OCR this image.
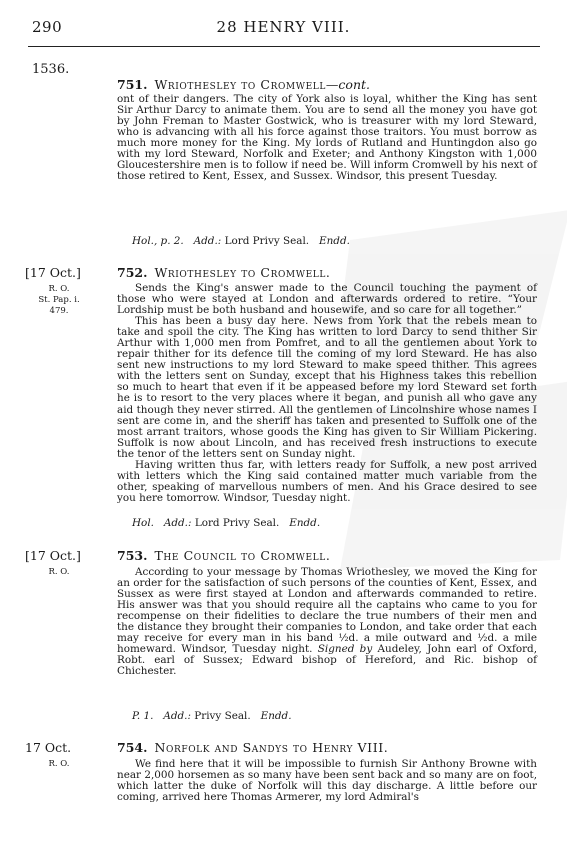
290	28 HENRY VIII.
1536.
751. Wriothesley to Cromwell—cont.

ont of their dangers. The city of York also is loyal, whither the King has sent Sir Arthur Darcy to animate them. You are to send all the money you have got by John Freman to Master Gostwick, who is treasurer with my lord Steward, who is advancing with all his force against those traitors. You must borrow as much more money for the King. My lords of Rutland and Huntingdon also go with my lord Steward, Norfolk and Exeter; and Anthony Kingston with 1,000 Gloucestershire men is to follow if need be. Will inform Cromwell by his next of those retired to Kent, Essex, and Sussex. Windsor, this present Tuesday.

Hol., p. 2. Add.: Lord Privy Seal. Endd.
[17 Oct.]
R. O.
St. Pap. i.
479.
752. Wriothesley to Cromwell.

Sends the King's answer made to the Council touching the payment of those who were stayed at London and afterwards ordered to retire. “Your Lordship must be both husband and housewife, and so care for all together.”

This has been a busy day here. News from York that the rebels mean to take and spoil the city. The King has written to lord Darcy to send thither Sir Arthur with 1,000 men from Pomfret, and to all the gentlemen about York to repair thither for its defence till the coming of my lord Steward. He has also sent new instructions to my lord Steward to make speed thither. This agrees with the letters sent on Sunday, except that his Highness takes this rebellion so much to heart that even if it be appeased before my lord Steward set forth he is to resort to the very places where it began, and punish all who gave any aid though they never stirred. All the gentlemen of Lincolnshire whose names I sent are come in, and the sheriff has taken and presented to Suffolk one of the most arrant traitors, whose goods the King has given to Sir William Pickering. Suffolk is now about Lincoln, and has received fresh instructions to execute the tenor of the letters sent on Sunday night.

Having written thus far, with letters ready for Suffolk, a new post arrived with letters which the King said contained matter much variable from the other, speaking of marvellous numbers of men. And his Grace desired to see you here tomorrow. Windsor, Tuesday night.

Hol. Add.: Lord Privy Seal. Endd.
[17 Oct.]
R. O.
753. The Council to Cromwell.

According to your message by Thomas Wriothesley, we moved the King for an order for the satisfaction of such persons of the counties of Kent, Essex, and Sussex as were first stayed at London and afterwards commanded to retire. His answer was that you should require all the captains who came to you for recompense on their fidelities to declare the true numbers of their men and the distance they brought their companies to London, and take order that each may receive for every man in his band ½d. a mile outward and ½d. a mile homeward. Windsor, Tuesday night. Signed by Audeley, John earl of Oxford, Robt. earl of Sussex; Edward bishop of Hereford, and Ric. bishop of Chichester.

P. 1. Add.: Privy Seal. Endd.
17 Oct.
R. O.
754. Norfolk and Sandys to Henry VIII.

We find here that it will be impossible to furnish Sir Anthony Browne with near 2,000 horsemen as so many have been sent back and so many are on foot, which latter the duke of Norfolk will this day discharge. A little before our coming, arrived here Thomas Armerer, my lord Admiral's
